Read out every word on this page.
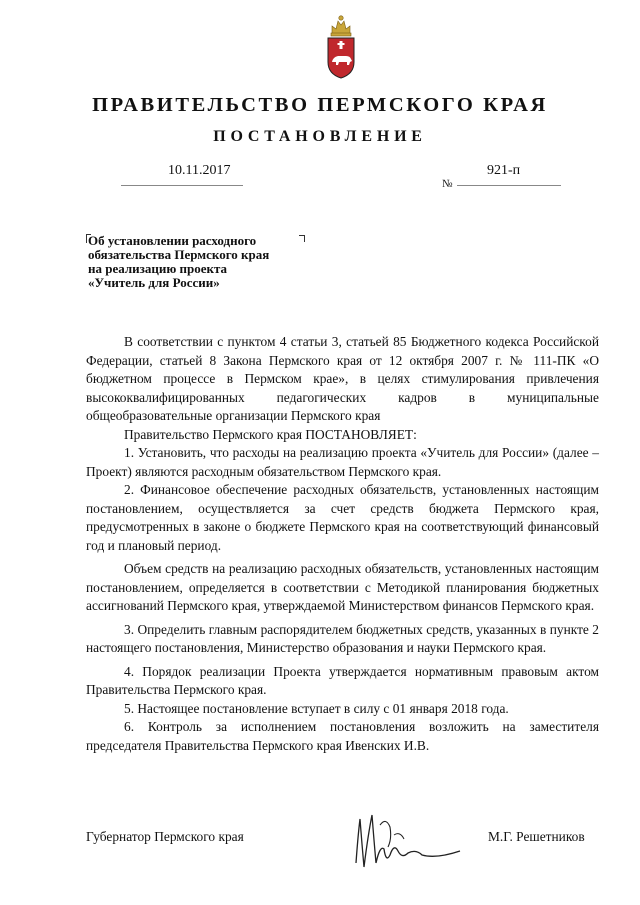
ПРАВИТЕЛЬСТВО ПЕРМСКОГО КРАЯ
ПОСТАНОВЛЕНИЕ
10.11.2017
№
921-п
Об установлении расходного
обязательства Пермского края
на реализацию проекта
«Учитель для России»

В соответствии с пунктом 4 статьи 3, статьей 85 Бюджетного кодекса Российской Федерации, статьей 8 Закона Пермского края от 12 октября 2007 г. № 111-ПК «О бюджетном процессе в Пермском крае», в целях стимулирования привлечения высококвалифицированных педагогических кадров в муниципальные общеобразовательные организации Пермского края

Правительство Пермского края ПОСТАНОВЛЯЕТ:

1. Установить, что расходы на реализацию проекта «Учитель для России» (далее – Проект) являются расходным обязательством Пермского края.

2. Финансовое обеспечение расходных обязательств, установленных настоящим постановлением, осуществляется за счет средств бюджета Пермского края, предусмотренных в законе о бюджете Пермского края на соответствующий финансовый год и плановый период.

Объем средств на реализацию расходных обязательств, установленных настоящим постановлением, определяется в соответствии с Методикой планирования бюджетных ассигнований Пермского края, утверждаемой Министерством финансов Пермского края.

3. Определить главным распорядителем бюджетных средств, указанных в пункте 2 настоящего постановления, Министерство образования и науки Пермского края.

4. Порядок реализации Проекта утверждается нормативным правовым актом Правительства Пермского края.

5. Настоящее постановление вступает в силу с 01 января 2018 года.

6. Контроль за исполнением постановления возложить на заместителя председателя Правительства Пермского края Ивенских И.В.

Губернатор Пермского края	М.Г. Решетников
